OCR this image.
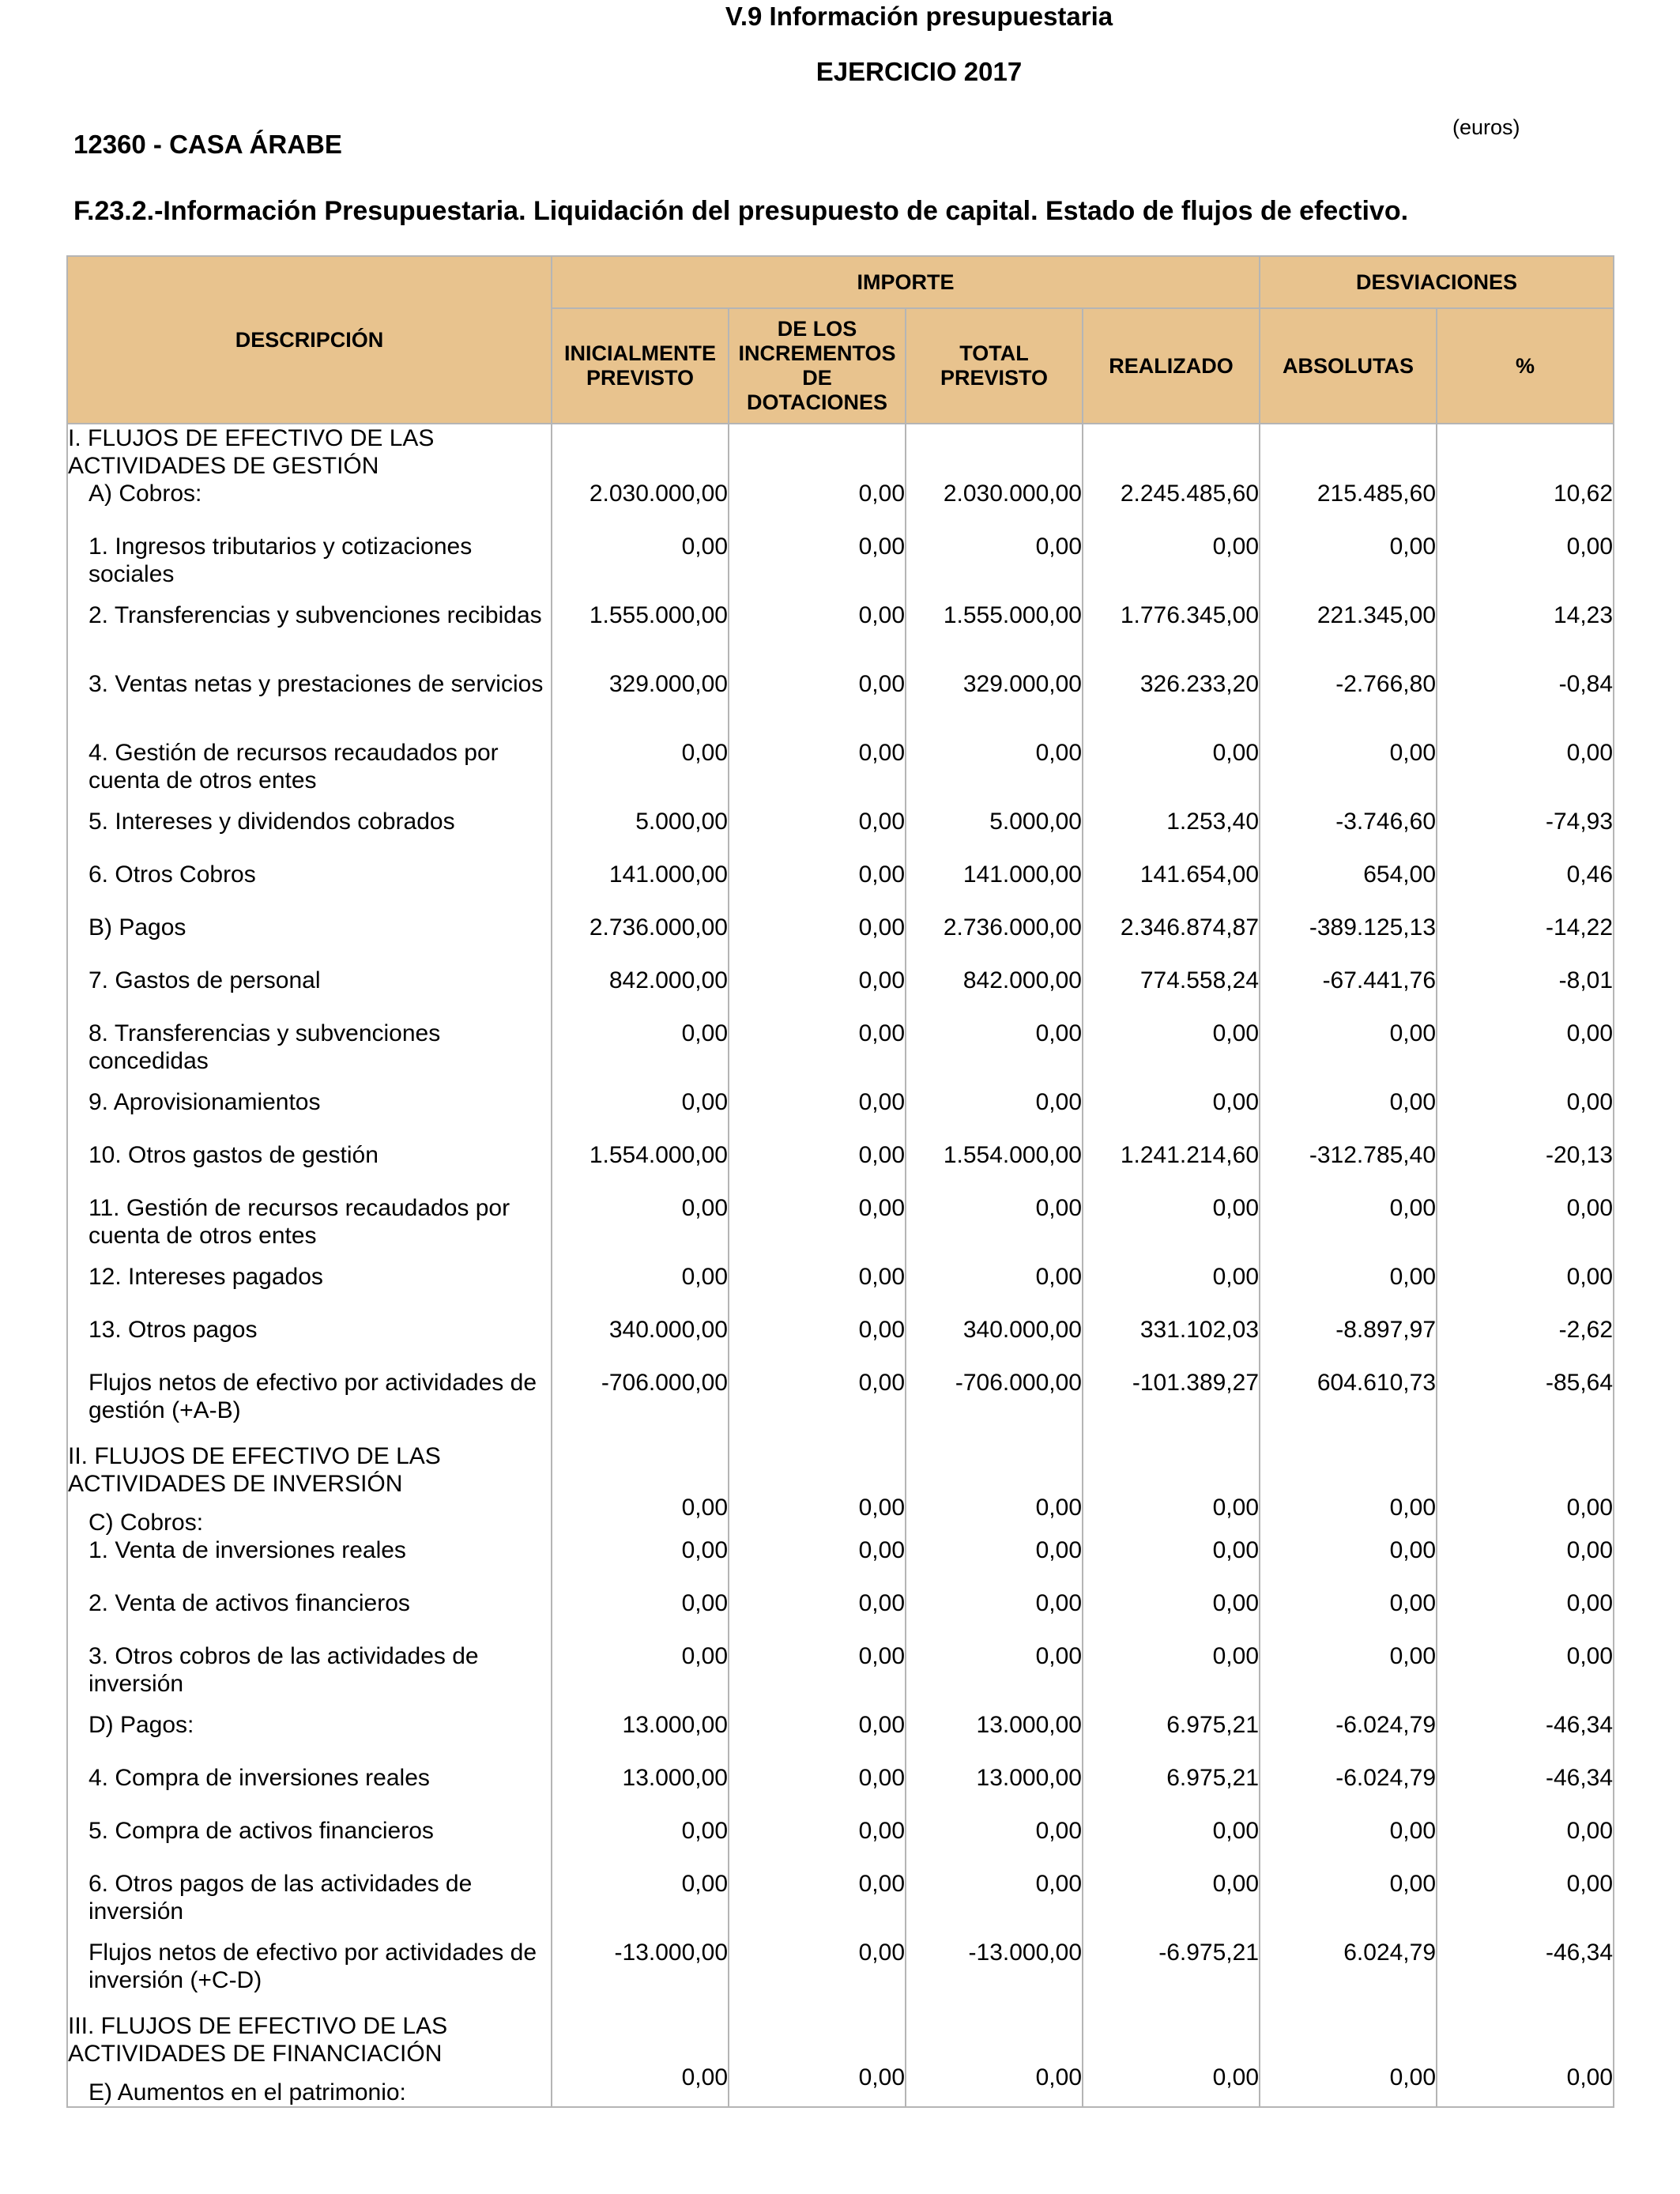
V.9 Información presupuestaria
EJERCICIO 2017
12360 - CASA ÁRABE
(euros)
F.23.2.-Información Presupuestaria. Liquidación del presupuesto de capital. Estado de flujos de efectivo.
DESCRIPCIÓN	IMPORTE				DESVIACIONES	
	INICIALMENTE PREVISTO	DE LOS INCREMENTOS DE DOTACIONES	TOTAL PREVISTO	REALIZADO	ABSOLUTAS	%

I. FLUJOS DE EFECTIVO DE LAS ACTIVIDADES DE GESTIÓN						

A) Cobros:	2.030.000,00	0,00	2.030.000,00	2.245.485,60	215.485,60	10,62

1. Ingresos tributarios y cotizaciones sociales	0,00	0,00	0,00	0,00	0,00	0,00

2. Transferencias y subvenciones recibidas	1.555.000,00	0,00	1.555.000,00	1.776.345,00	221.345,00	14,23

3. Ventas netas y prestaciones de servicios	329.000,00	0,00	329.000,00	326.233,20	-2.766,80	-0,84

4. Gestión de recursos recaudados por cuenta de otros entes	0,00	0,00	0,00	0,00	0,00	0,00

5. Intereses y dividendos cobrados	5.000,00	0,00	5.000,00	1.253,40	-3.746,60	-74,93

6. Otros Cobros	141.000,00	0,00	141.000,00	141.654,00	654,00	0,46

B) Pagos	2.736.000,00	0,00	2.736.000,00	2.346.874,87	-389.125,13	-14,22

7. Gastos de personal	842.000,00	0,00	842.000,00	774.558,24	-67.441,76	-8,01

8. Transferencias y subvenciones concedidas	0,00	0,00	0,00	0,00	0,00	0,00

9. Aprovisionamientos	0,00	0,00	0,00	0,00	0,00	0,00

10. Otros gastos de gestión	1.554.000,00	0,00	1.554.000,00	1.241.214,60	-312.785,40	-20,13

11. Gestión de recursos recaudados por cuenta de otros entes	0,00	0,00	0,00	0,00	0,00	0,00

12. Intereses pagados	0,00	0,00	0,00	0,00	0,00	0,00

13. Otros pagos	340.000,00	0,00	340.000,00	331.102,03	-8.897,97	-2,62

Flujos netos de efectivo por actividades de gestión (+A-B)	-706.000,00	0,00	-706.000,00	-101.389,27	604.610,73	-85,64

II. FLUJOS DE EFECTIVO DE LAS ACTIVIDADES DE INVERSIÓN
C) Cobros:	0,00	0,00	0,00	0,00	0,00	0,00

1. Venta de inversiones reales	0,00	0,00	0,00	0,00	0,00	0,00

2. Venta de activos financieros	0,00	0,00	0,00	0,00	0,00	0,00

3. Otros cobros de las actividades de inversión	0,00	0,00	0,00	0,00	0,00	0,00

D) Pagos:	13.000,00	0,00	13.000,00	6.975,21	-6.024,79	-46,34

4. Compra de inversiones reales	13.000,00	0,00	13.000,00	6.975,21	-6.024,79	-46,34

5. Compra de activos financieros	0,00	0,00	0,00	0,00	0,00	0,00

6. Otros pagos de las actividades de inversión	0,00	0,00	0,00	0,00	0,00	0,00

Flujos netos de efectivo por actividades de inversión (+C-D)	-13.000,00	0,00	-13.000,00	-6.975,21	6.024,79	-46,34

III. FLUJOS DE EFECTIVO DE LAS ACTIVIDADES DE FINANCIACIÓN
E) Aumentos en el patrimonio:	0,00	0,00	0,00	0,00	0,00	0,00
